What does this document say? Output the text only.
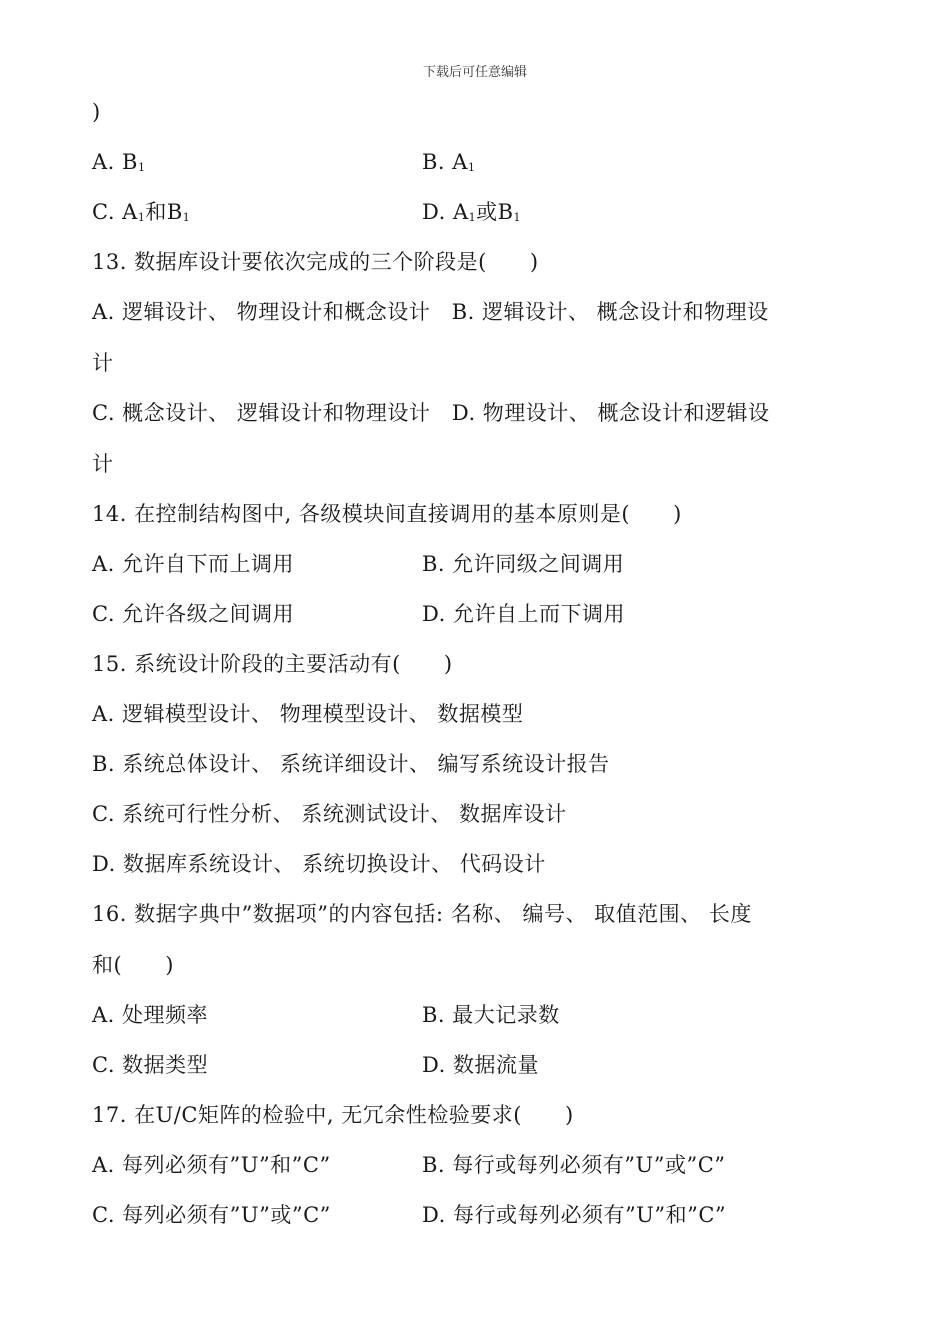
下载后可任意编辑
)
A. $B_1$	B. $A_1$
C. $A_1$和$B_1$	D. $A_1$或$B_1$
13. 数据库设计要依次完成的三个阶段是(      )
A. 逻辑设计、 物理设计和概念设计   B. 逻辑设计、 概念设计和物理设
计
C. 概念设计、 逻辑设计和物理设计   D. 物理设计、 概念设计和逻辑设
计
14. 在控制结构图中, 各级模块间直接调用的基本原则是(      )
A. 允许自下而上调用	B. 允许同级之间调用
C. 允许各级之间调用	D. 允许自上而下调用
15. 系统设计阶段的主要活动有(      )
A. 逻辑模型设计、 物理模型设计、 数据模型
B. 系统总体设计、 系统详细设计、 编写系统设计报告
C. 系统可行性分析、 系统测试设计、 数据库设计
D. 数据库系统设计、 系统切换设计、 代码设计
16. 数据字典中”数据项”的内容包括: 名称、 编号、 取值范围、 长度
和(      )
A. 处理频率	B. 最大记录数
C. 数据类型	D. 数据流量
17. 在U/C矩阵的检验中, 无冗余性检验要求(      )
A. 每列必须有”U”和”C”	B. 每行或每列必须有”U”或”C”
C. 每列必须有”U”或”C”	D. 每行或每列必须有”U”和”C”
